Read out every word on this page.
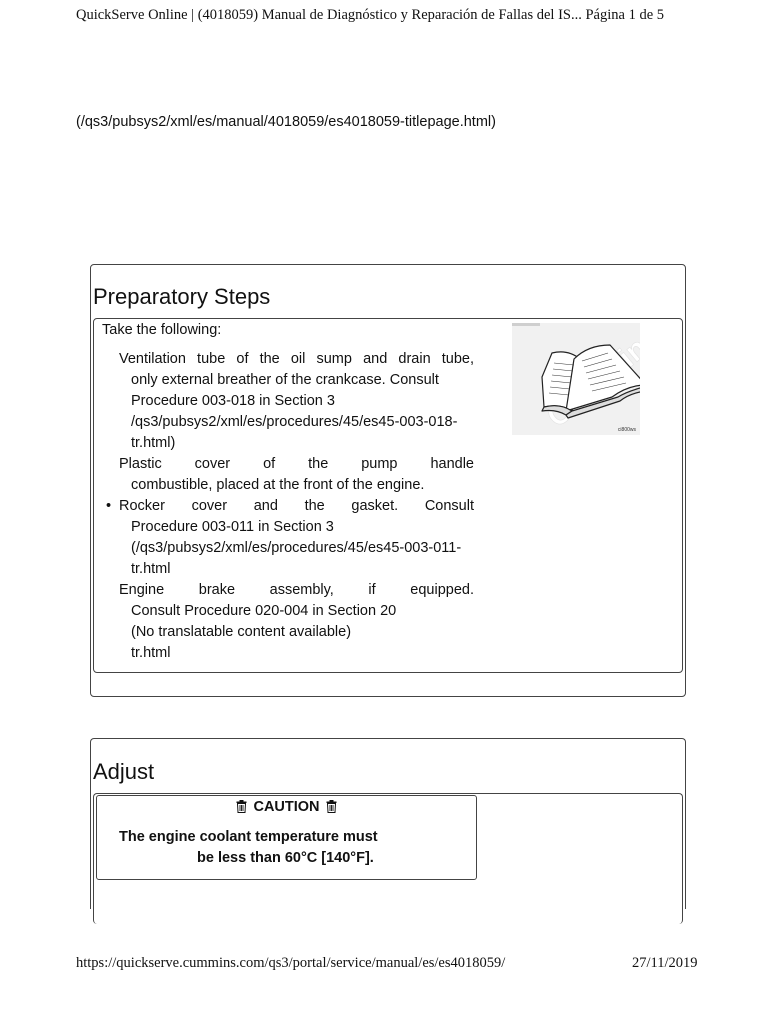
QuickServe Online | (4018059) Manual de Diagnóstico y Reparación de Fallas del IS... Página 1 de 5
(/qs3/pubsys2/xml/es/manual/4018059/es4018059-titlepage.html)
Preparatory Steps
Take the following:
Ventilation tube of the oil sump and drain tube,
only external breather of the crankcase. Consult
Procedure 003-018 in Section 3
/qs3/pubsys2/xml/es/procedures/45/es45-003-018-
tr.html)
Plastic cover of the pump handle
combustible, placed at the front of the engine.
• Rocker cover and the gasket. Consult
Procedure 003-011 in Section 3
(/qs3/pubsys2/xml/es/procedures/45/es45-003-011-
tr.html
Engine brake assembly, if equipped.
Consult Procedure 020-004 in Section 20
(No translatable content available)
tr.html
ci800ws
Adjust
CAUTION
The engine coolant temperature must
be less than 60°C [140°F].
https://quickserve.cummins.com/qs3/portal/service/manual/es/es4018059/	27/11/2019
